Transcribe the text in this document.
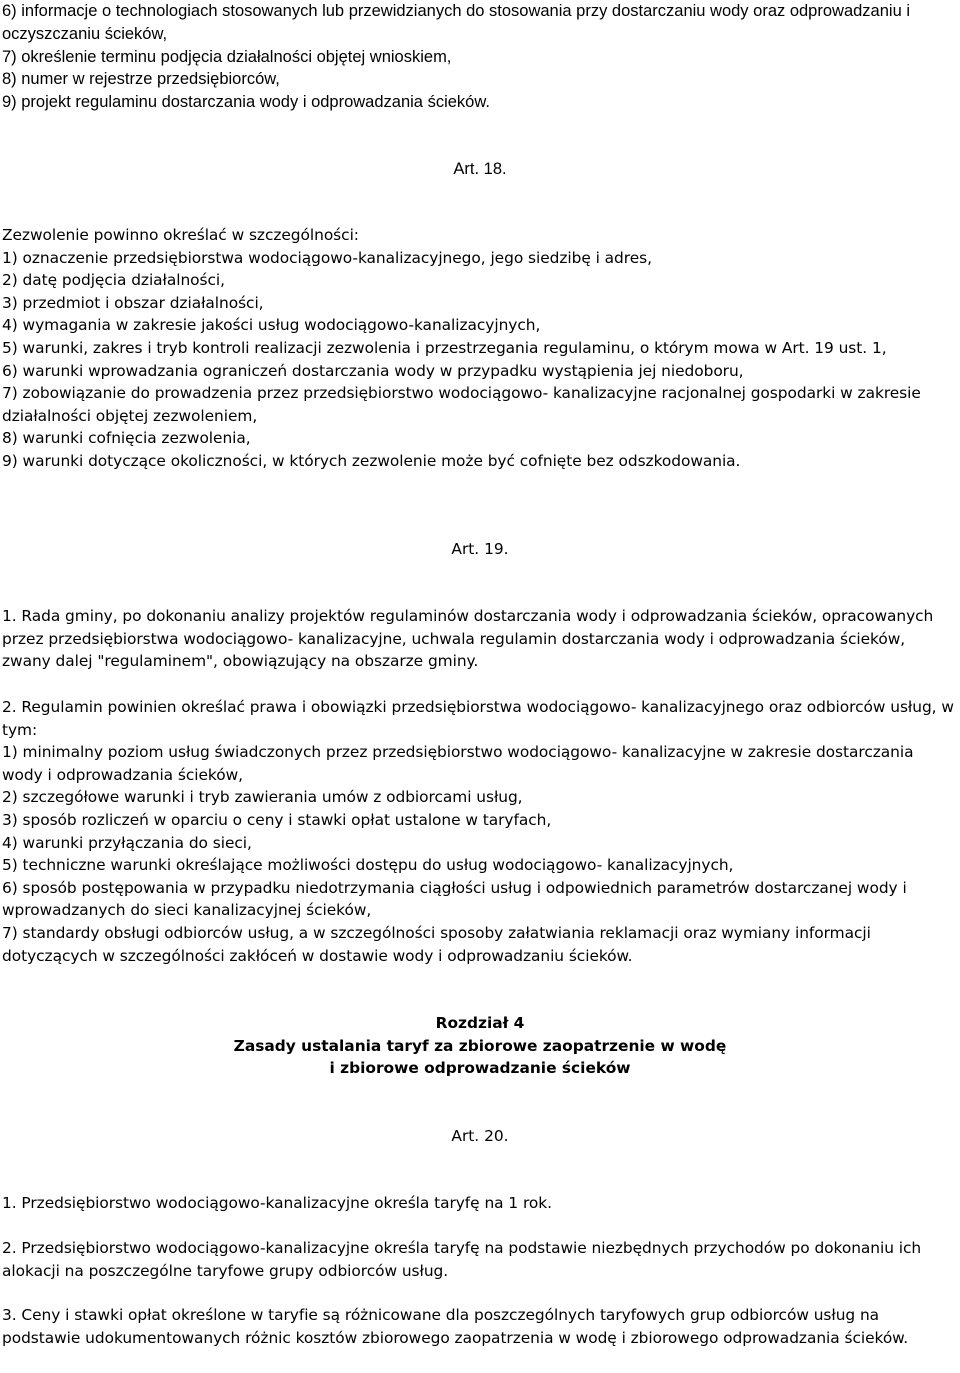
6) informacje o technologiach stosowanych lub przewidzianych do stosowania przy dostarczaniu wody oraz odprowadzaniu i oczyszczaniu ścieków,
7) określenie terminu podjęcia działalności objętej wnioskiem,
8) numer w rejestrze przedsiębiorców,
9) projekt regulaminu dostarczania wody i odprowadzania ścieków.
Art. 18.
Zezwolenie powinno określać w szczególności:
1) oznaczenie przedsiębiorstwa wodociągowo-kanalizacyjnego, jego siedzibę i adres,
2) datę podjęcia działalności,
3) przedmiot i obszar działalności,
4) wymagania w zakresie jakości usług wodociągowo-kanalizacyjnych,
5) warunki, zakres i tryb kontroli realizacji zezwolenia i przestrzegania regulaminu, o którym mowa w Art. 19 ust. 1,
6) warunki wprowadzania ograniczeń dostarczania wody w przypadku wystąpienia jej niedoboru,
7) zobowiązanie do prowadzenia przez przedsiębiorstwo wodociągowo- kanalizacyjne racjonalnej gospodarki w zakresie działalności objętej zezwoleniem,
8) warunki cofnięcia zezwolenia,
9) warunki dotyczące okoliczności, w których zezwolenie może być cofnięte bez odszkodowania.
Art. 19.
1. Rada gminy, po dokonaniu analizy projektów regulaminów dostarczania wody i odprowadzania ścieków, opracowanych przez przedsiębiorstwa wodociągowo- kanalizacyjne, uchwala regulamin dostarczania wody i odprowadzania ścieków, zwany dalej "regulaminem", obowiązujący na obszarze gminy.
2. Regulamin powinien określać prawa i obowiązki przedsiębiorstwa wodociągowo- kanalizacyjnego oraz odbiorców usług, w tym:
1) minimalny poziom usług świadczonych przez przedsiębiorstwo wodociągowo- kanalizacyjne w zakresie dostarczania wody i odprowadzania ścieków,
2) szczegółowe warunki i tryb zawierania umów z odbiorcami usług,
3) sposób rozliczeń w oparciu o ceny i stawki opłat ustalone w taryfach,
4) warunki przyłączania do sieci,
5) techniczne warunki określające możliwości dostępu do usług wodociągowo- kanalizacyjnych,
6) sposób postępowania w przypadku niedotrzymania ciągłości usług i odpowiednich parametrów dostarczanej wody i wprowadzanych do sieci kanalizacyjnej ścieków,
7) standardy obsługi odbiorców usług, a w szczególności sposoby załatwiania reklamacji oraz wymiany informacji dotyczących w szczególności zakłóceń w dostawie wody i odprowadzaniu ścieków.
Rozdział 4
Zasady ustalania taryf za zbiorowe zaopatrzenie w wodę
i zbiorowe odprowadzanie ścieków
Art. 20.
1. Przedsiębiorstwo wodociągowo-kanalizacyjne określa taryfę na 1 rok.
2. Przedsiębiorstwo wodociągowo-kanalizacyjne określa taryfę na podstawie niezbędnych przychodów po dokonaniu ich alokacji na poszczególne taryfowe grupy odbiorców usług.
3. Ceny i stawki opłat określone w taryfie są różnicowane dla poszczególnych taryfowych grup odbiorców usług na podstawie udokumentowanych różnic kosztów zbiorowego zaopatrzenia w wodę i zbiorowego odprowadzania ścieków.
